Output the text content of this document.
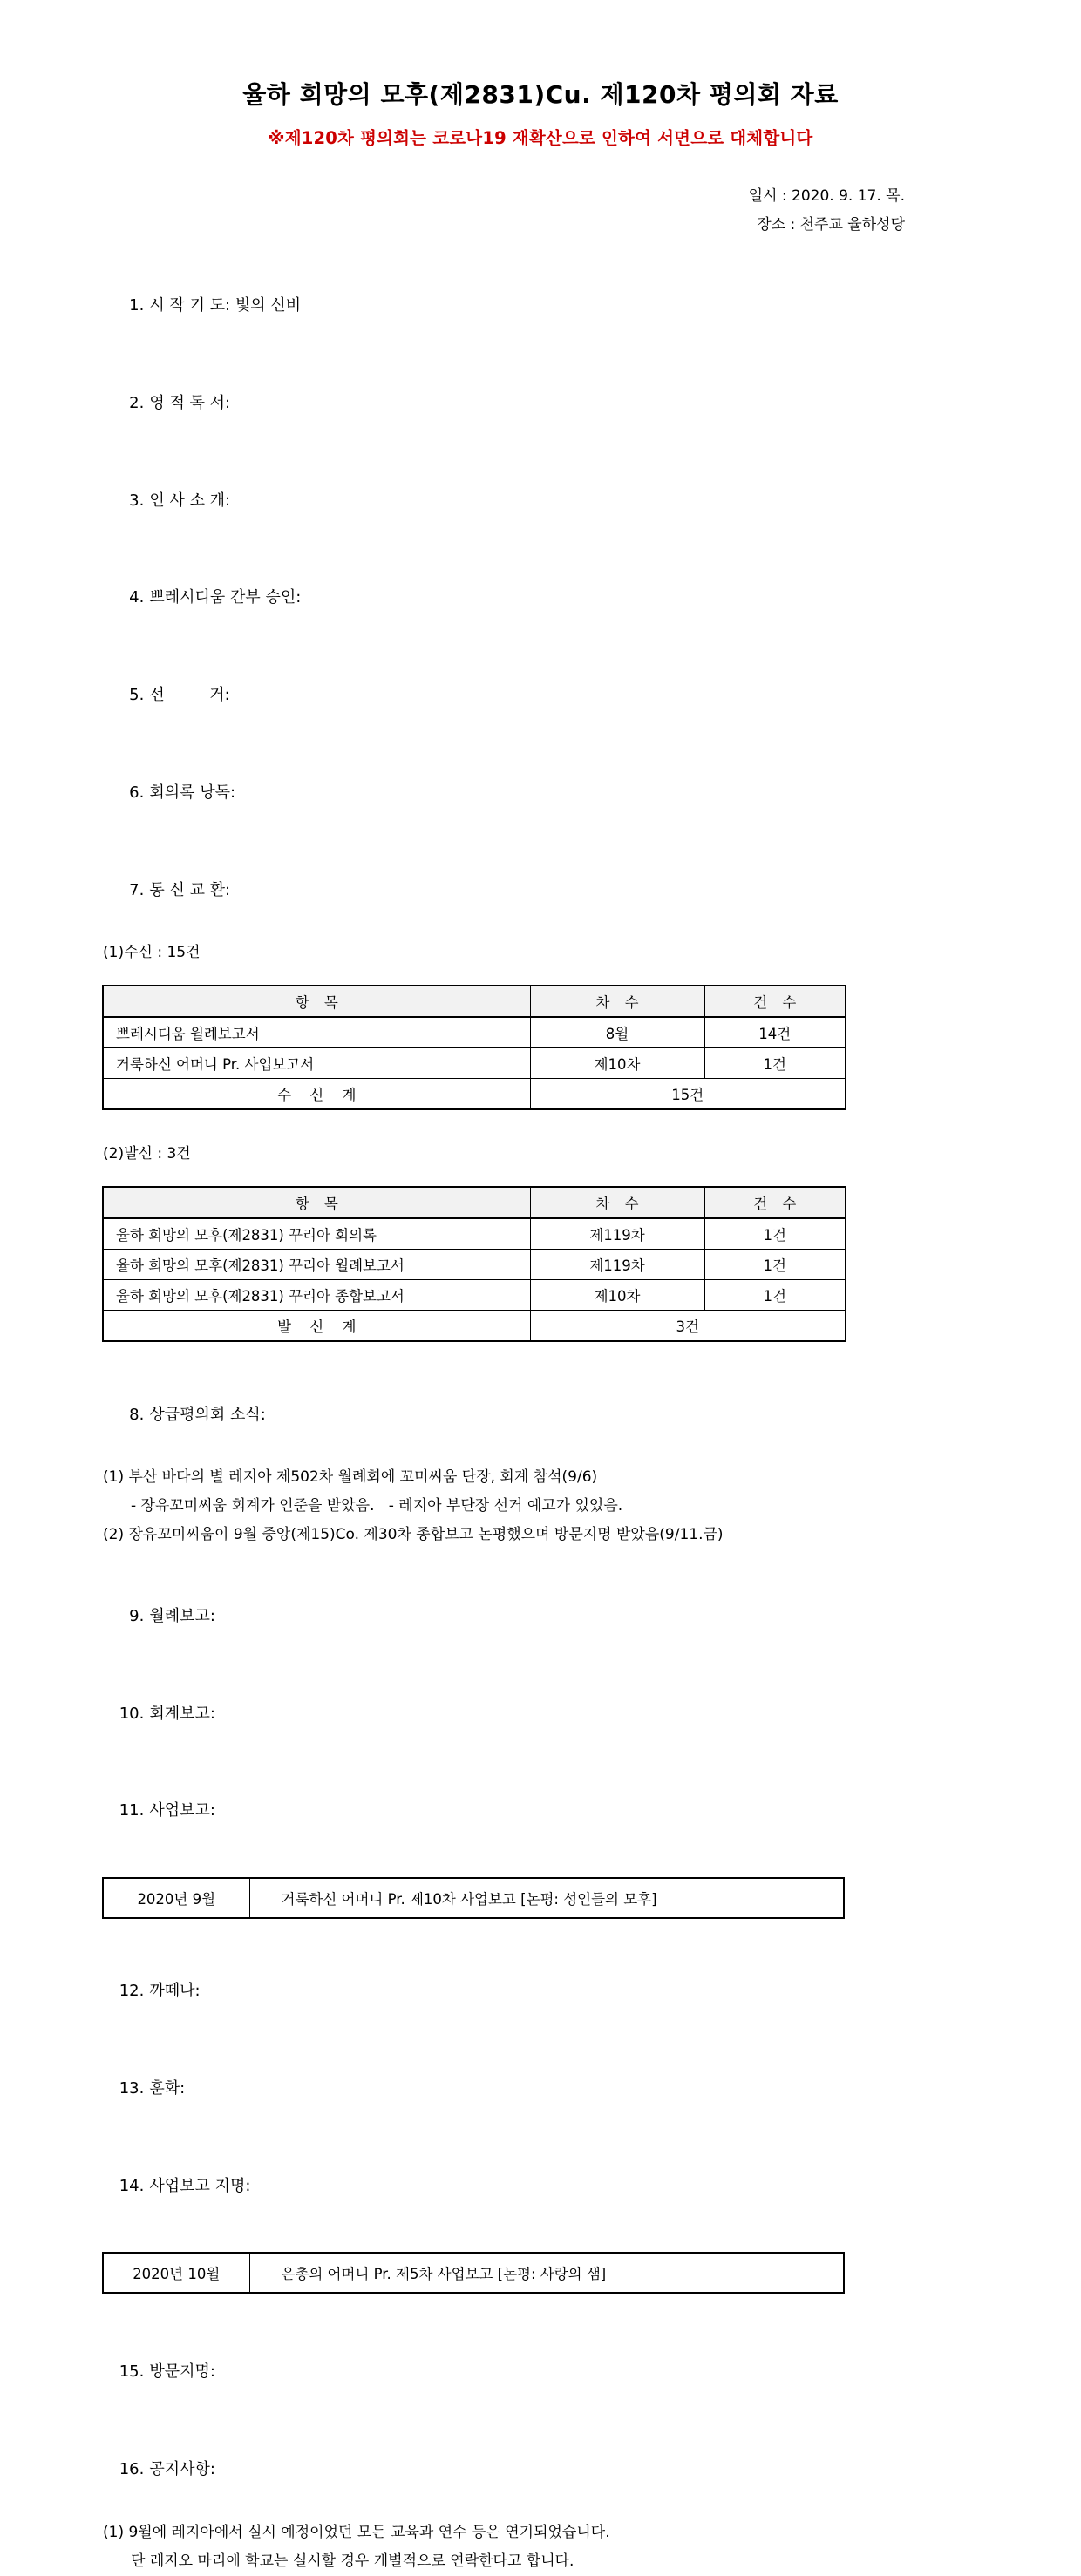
율하 희망의 모후(제2831)Cu. 제120차 평의회 자료
※제120차 평의회는 코로나19 재확산으로 인하여 서면으로 대체합니다
일시 : 2020. 9. 17. 목.
장소 : 천주교 율하성당

1. 시 작 기 도: 빛의 신비

2. 영 적 독 서:

3. 인 사 소 개:

4. 쁘레시디움 간부 승인:

5. 선         거:

6. 회의록 낭독:

7. 통 신 교 환:

(1)수신 : 15건
항 목	차 수	건 수
쁘레시디움 월례보고서	8월	14건
거룩하신 어머니 Pr. 사업보고서	제10차	1건
수 신 계	15건	
(2)발신 : 3건
항 목	차 수	건 수
율하 희망의 모후(제2831) 꾸리아 회의록	제119차	1건
율하 희망의 모후(제2831) 꾸리아 월례보고서	제119차	1건
율하 희망의 모후(제2831) 꾸리아 종합보고서	제10차	1건
발 신 계	3건	

8. 상급평의회 소식:

(1) 부산 바다의 별 레지아 제502차 월례회에 꼬미씨움 단장, 회계 참석(9/6)
- 장유꼬미씨움 회계가 인준을 받았음.   - 레지아 부단장 선거 예고가 있었음.
(2) 장유꼬미씨움이 9월 중앙(제15)Co. 제30차 종합보고 논평했으며 방문지명 받았음(9/11.금)

9. 월례보고:

10. 회계보고:

11. 사업보고:

2020년 9월	거룩하신 어머니 Pr. 제10차 사업보고 [논평: 성인들의 모후]

12. 까떼나:

13. 훈화:

14. 사업보고 지명:

2020년 10월	은총의 어머니 Pr. 제5차 사업보고 [논평: 사랑의 샘]

15. 방문지명:

16. 공지사항:

(1) 9월에 레지아에서 실시 예정이었던 모든 교육과 연수 등은 연기되었습니다.
단 레지오 마리애 학교는 실시할 경우 개별적으로 연락한다고 합니다.
